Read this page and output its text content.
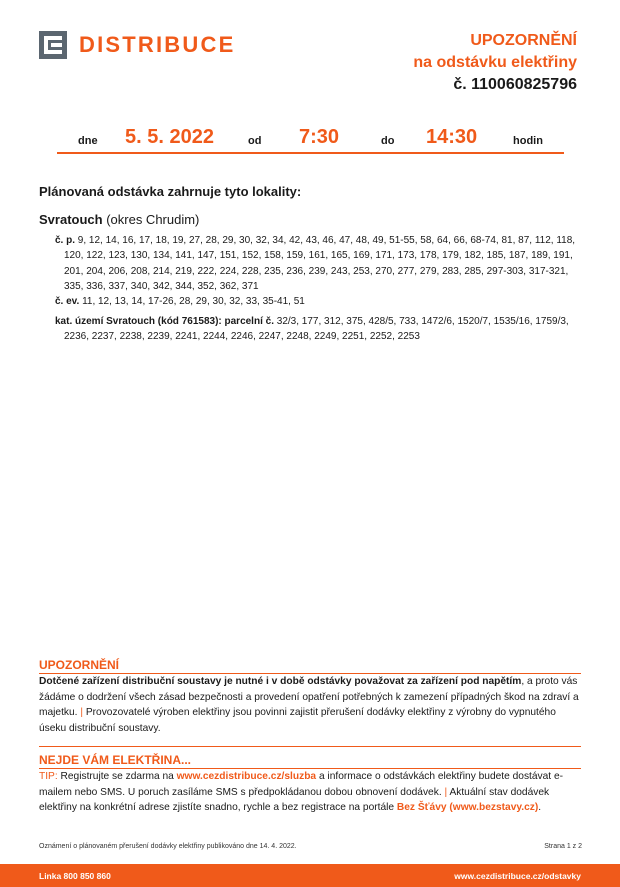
DISTRIBUCE	UPOZORNĚNÍ
na odstávku elektřiny
č. 110060825796
dne 5. 5. 2022	od 7:30	do 14:30	hodin
Plánovaná odstávka zahrnuje tyto lokality:
Svratouch (okres Chrudim)
č. p. 9, 12, 14, 16, 17, 18, 19, 27, 28, 29, 30, 32, 34, 42, 43, 46, 47, 48, 49, 51-55, 58, 64, 66, 68-74, 81, 87, 112, 118, 120, 122, 123, 130, 134, 141, 147, 151, 152, 158, 159, 161, 165, 169, 171, 173, 178, 179, 182, 185, 187, 189, 191, 201, 204, 206, 208, 214, 219, 222, 224, 228, 235, 236, 239, 243, 253, 270, 277, 279, 283, 285, 297-303, 317-321, 335, 336, 337, 340, 342, 344, 352, 362, 371
č. ev. 11, 12, 13, 14, 17-26, 28, 29, 30, 32, 33, 35-41, 51
kat. území Svratouch (kód 761583): parcelní č. 32/3, 177, 312, 375, 428/5, 733, 1472/6, 1520/7, 1535/16, 1759/3, 2236, 2237, 2238, 2239, 2241, 2244, 2246, 2247, 2248, 2249, 2251, 2252, 2253
UPOZORNĚNÍ
Dotčené zařízení distribuční soustavy je nutné i v době odstávky považovat za zařízení pod napětím, a proto vás žádáme o dodržení všech zásad bezpečnosti a provedení opatření potřebných k zamezení případných škod na zdraví a majetku. | Provozovatelé výroben elektřiny jsou povinni zajistit přerušení dodávky elektřiny z výrobny do vypnutého úseku distribuční soustavy.
NEJDE VÁM ELEKTŘINA...
TIP: Registrujte se zdarma na www.cezdistribuce.cz/sluzba a informace o odstávkách elektřiny budete dostávat e-mailem nebo SMS. U poruch zasíláme SMS s předpokládanou dobou obnovení dodávek. | Aktuální stav dodávek elektřiny na konkrétní adrese zjistíte snadno, rychle a bez registrace na portále Bez Šťávy (www.bezstavy.cz).
Oznámení o plánovaném přerušení dodávky elektřiny publikováno dne 14. 4. 2022.	Strana 1 z 2
Linka 800 850 860	www.cezdistribuce.cz/odstavky
